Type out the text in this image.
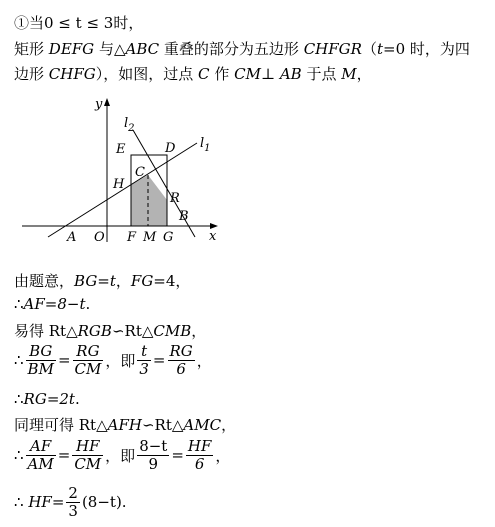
①当0 ≤ t ≤ 3时，
矩形 DEFG 与△ABC 重叠的部分为五边形 CHFGR（t=0 时，为四
边形 CHFG），如图，过点 C 作 CM⊥ AB 于点 M，
y
x
$l_2$
$l_1$
E	D
C
H
R
B
A O F M G
由题意，BG=t，FG=4，
∴AF=8−t.
易得 Rt△RGB∽Rt△CMB，
∴ $\frac{BG}{BM} = \frac{RG}{CM}$ ，即 $\frac{t}{3} = \frac{RG}{6}$ ，
∴RG=2t.
同理可得 Rt△AFH∽Rt△AMC，
∴ $\frac{AF}{AM} = \frac{HF}{CM}$ ，即 $\frac{8-t}{9} = \frac{HF}{6}$ ，
∴
HF = $\frac{2}{3} (8-t)$ .
